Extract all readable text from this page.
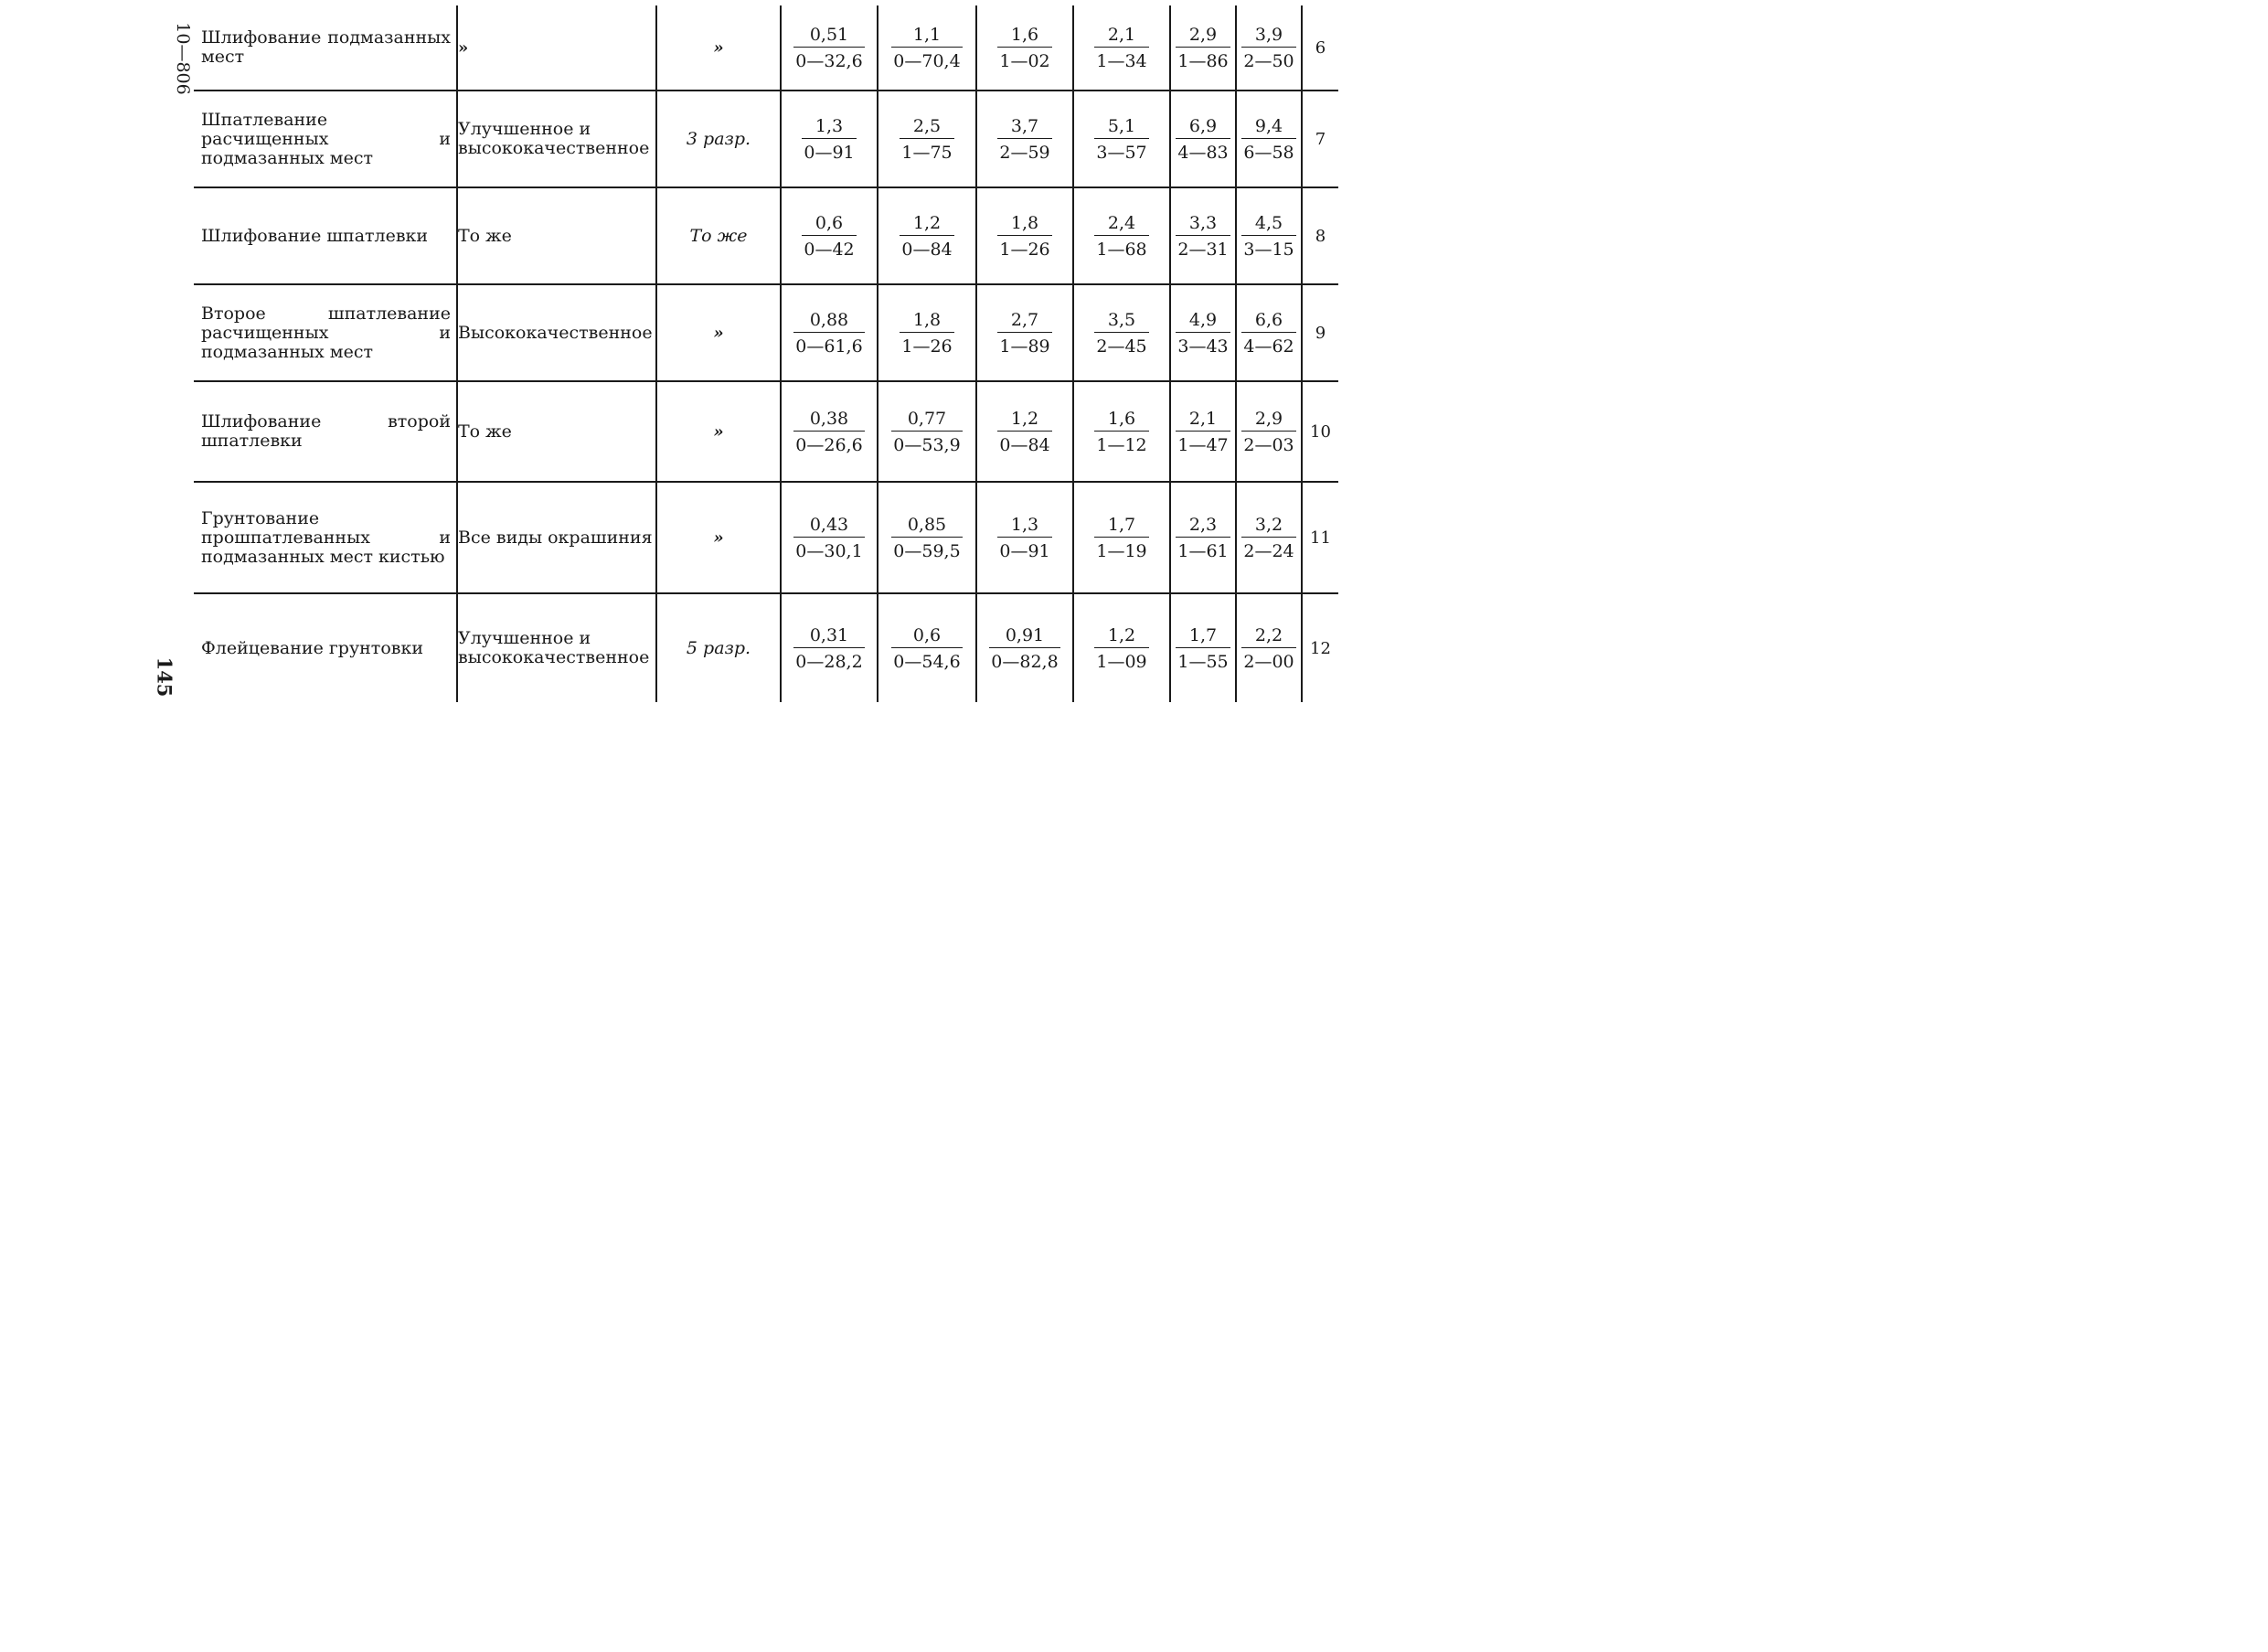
10—806
145
Шлифование подмазанных мест	»	»	$\frac{0,51}{0—32,6}$	$\frac{1,1}{0—70,4}$	$\frac{1,6}{1—02}$	$\frac{2,1}{1—34}$	$\frac{2,9}{1—86}$	$\frac{3,9}{2—50}$	6
Шпатлевание расчищенных и подмазанных мест	Улучшенное и высококачественное	3 разр.	$\frac{1,3}{0—91}$	$\frac{2,5}{1—75}$	$\frac{3,7}{2—59}$	$\frac{5,1}{3—57}$	$\frac{6,9}{4—83}$	$\frac{9,4}{6—58}$	7
Шлифование шпатлевки	То же	То же	$\frac{0,6}{0—42}$	$\frac{1,2}{0—84}$	$\frac{1,8}{1—26}$	$\frac{2,4}{1—68}$	$\frac{3,3}{2—31}$	$\frac{4,5}{3—15}$	8
Второе шпатлевание расчищенных и подмазанных мест	Высококачественное	»	$\frac{0,88}{0—61,6}$	$\frac{1,8}{1—26}$	$\frac{2,7}{1—89}$	$\frac{3,5}{2—45}$	$\frac{4,9}{3—43}$	$\frac{6,6}{4—62}$	9
Шлифование второй шпатлевки	То же	»	$\frac{0,38}{0—26,6}$	$\frac{0,77}{0—53,9}$	$\frac{1,2}{0—84}$	$\frac{1,6}{1—12}$	$\frac{2,1}{1—47}$	$\frac{2,9}{2—03}$	10
Грунтование прошпатлеванных и подмазанных мест кистью	Все виды окрашиния	»	$\frac{0,43}{0—30,1}$	$\frac{0,85}{0—59,5}$	$\frac{1,3}{0—91}$	$\frac{1,7}{1—19}$	$\frac{2,3}{1—61}$	$\frac{3,2}{2—24}$	11
Флейцевание грунтовки	Улучшенное и высококачественное	5 разр.	$\frac{0,31}{0—28,2}$	$\frac{0,6}{0—54,6}$	$\frac{0,91}{0—82,8}$	$\frac{1,2}{1—09}$	$\frac{1,7}{1—55}$	$\frac{2,2}{2—00}$	12
